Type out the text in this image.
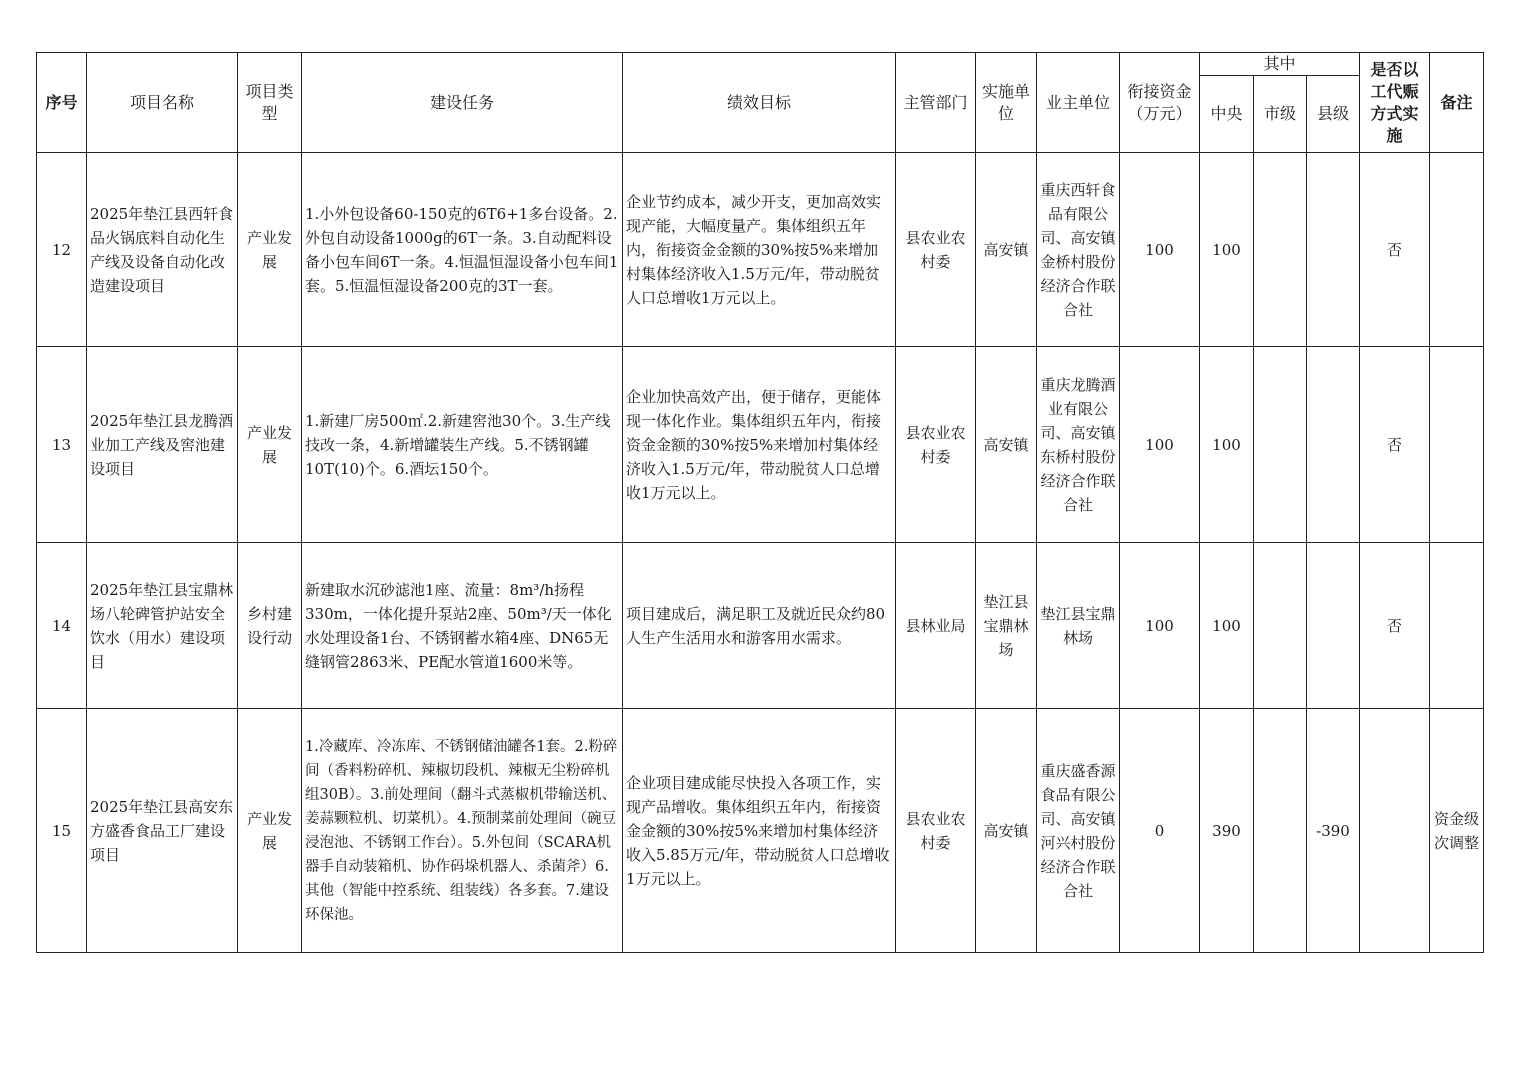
序号	项目名称	项目类型	建设任务	绩效目标	主管部门	实施单位	业主单位	衔接资金（万元）	其中			是否以工代赈方式实施	备注
									中央	市级	县级		
12	2025年垫江县西轩食品火锅底料自动化生产线及设备自动化改造建设项目	产业发展	1.小外包设备60-150克的6T6+1多台设备。2.外包自动设备1000g的6T一条。3.自动配料设备小包车间6T一条。4.恒温恒湿设备小包车间1套。5.恒温恒湿设备200克的3T一套。	企业节约成本，减少开支，更加高效实现产能，大幅度量产。集体组织五年内，衔接资金金额的30%按5%来增加村集体经济收入1.5万元/年，带动脱贫人口总增收1万元以上。	县农业农村委	高安镇	重庆西轩食品有限公司、高安镇金桥村股份经济合作联合社	100	100			否	
13	2025年垫江县龙腾酒业加工产线及窖池建设项目	产业发展	1.新建厂房500㎡.2.新建窖池30个。3.生产线技改一条，4.新增罐装生产线。5.不锈钢罐10T(10)个。6.酒坛150个。	企业加快高效产出，便于储存，更能体现一体化作业。集体组织五年内，衔接资金金额的30%按5%来增加村集体经济收入1.5万元/年，带动脱贫人口总增收1万元以上。	县农业农村委	高安镇	重庆龙腾酒业有限公司、高安镇东桥村股份经济合作联合社	100	100			否	
14	2025年垫江县宝鼎林场八轮碑管护站安全饮水（用水）建设项目	乡村建设行动	新建取水沉砂滤池1座、流量：8m³/h扬程330m，一体化提升泵站2座、50m³/天一体化水处理设备1台、不锈钢蓄水箱4座、DN65无缝钢管2863米、PE配水管道1600米等。	项目建成后，满足职工及就近民众约80人生产生活用水和游客用水需求。	县林业局	垫江县宝鼎林场	垫江县宝鼎林场	100	100			否	
15	2025年垫江县高安东方盛香食品工厂建设项目	产业发展	1.冷藏库、冷冻库、不锈钢储油罐各1套。2.粉碎间（香料粉碎机、辣椒切段机、辣椒无尘粉碎机组30B）。3.前处理间（翻斗式蒸椒机带输送机、姜蒜颗粒机、切菜机）。4.预制菜前处理间（碗豆浸泡池、不锈钢工作台）。5.外包间（SCARA机器手自动装箱机、协作码垛机器人、杀菌斧）6.其他（智能中控系统、组装线）各多套。7.建设环保池。	企业项目建成能尽快投入各项工作，实现产品增收。集体组织五年内，衔接资金金额的30%按5%来增加村集体经济收入5.85万元/年，带动脱贫人口总增收1万元以上。	县农业农村委	高安镇	重庆盛香源食品有限公司、高安镇河兴村股份经济合作联合社	0	390		-390		资金级次调整
